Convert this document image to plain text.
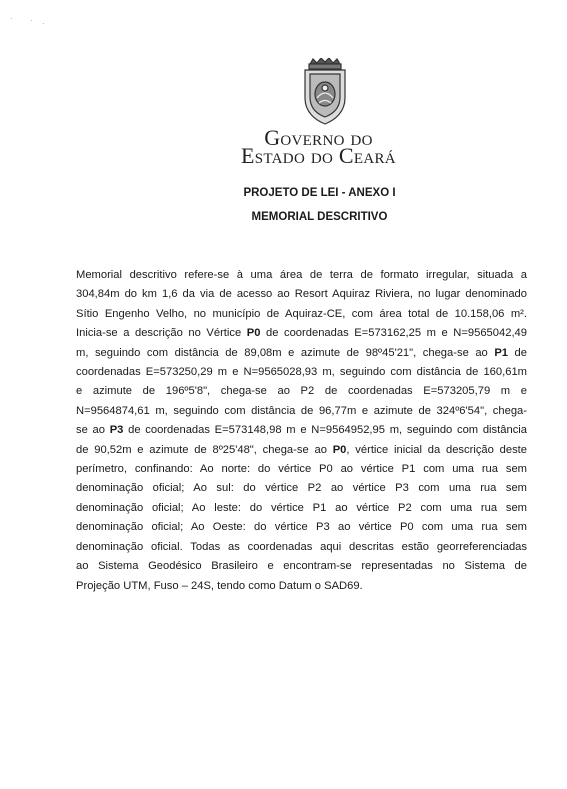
· · ·
Governo do
Estado do Ceará
PROJETO DE LEI - ANEXO I
MEMORIAL DESCRITIVO
Memorial descritivo refere-se à uma área de terra de formato irregular, situada a
304,84m do km 1,6 da via de acesso ao Resort Aquiraz Riviera, no lugar denominado
Sítio Engenho Velho, no município de Aquiraz-CE, com área total de 10.158,06 m².
Inicia-se a descrição no Vértice P0 de coordenadas E=573162,25 m e N=9565042,49
m, seguindo com distância de 89,08m e azimute de 98º45'21", chega-se ao P1 de
coordenadas E=573250,29 m e N=9565028,93 m, seguindo com distância de 160,61m
e azimute de 196º5'8", chega-se ao P2 de coordenadas E=573205,79 m e
N=9564874,61 m, seguindo com distância de 96,77m e azimute de 324º6'54", chega-
se ao P3 de coordenadas E=573148,98 m e N=9564952,95 m, seguindo com distância
de 90,52m e azimute de 8º25'48", chega-se ao P0, vértice inicial da descrição deste
perímetro, confinando: Ao norte: do vértice P0 ao vértice P1 com uma rua sem
denominação oficial; Ao sul: do vértice P2 ao vértice P3 com uma rua sem
denominação oficial; Ao leste: do vértice P1 ao vértice P2 com uma rua sem
denominação oficial; Ao Oeste: do vértice P3 ao vértice P0 com uma rua sem
denominação oficial. Todas as coordenadas aqui descritas estão georreferenciadas
ao Sistema Geodésico Brasileiro e encontram-se representadas no Sistema de
Projeção UTM, Fuso – 24S, tendo como Datum o SAD69.
